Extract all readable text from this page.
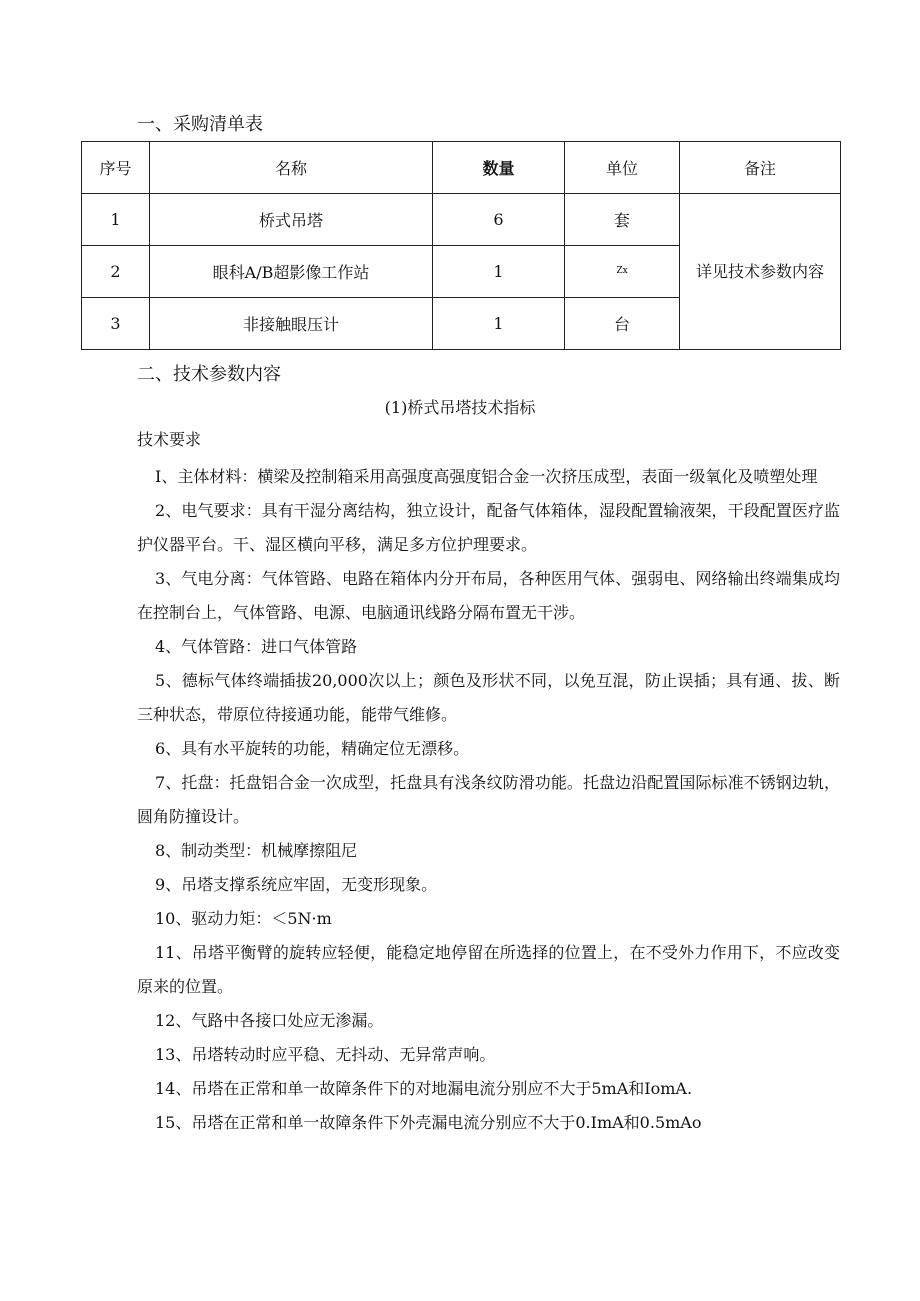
一、采购清单表
序号	名称	数量	单位	备注
1	桥式吊塔	6	套	详见技术参数内容
2	眼科A/B超影像工作站	1	$^{Zx}$
3	非接触眼压计	1	台	
二、技术参数内容
(1)桥式吊塔技术指标
技术要求

I、主体材料：横梁及控制箱采用高强度高强度铝合金一次挤压成型，表面一级氧化及喷塑处理

2、电气要求：具有干湿分离结构，独立设计，配备气体箱体，湿段配置输液架，干段配置医疗监护仪器平台。干、湿区横向平移，满足多方位护理要求。

3、气电分离：气体管路、电路在箱体内分开布局，各种医用气体、强弱电、网络输出终端集成均在控制台上，气体管路、电源、电脑通讯线路分隔布置无干涉。

4、气体管路：进口气体管路

5、德标气体终端插拔20,000次以上；颜色及形状不同，以免互混，防止误插；具有通、拔、断三种状态，带原位待接通功能，能带气维修。

6、具有水平旋转的功能，精确定位无漂移。

7、托盘：托盘铝合金一次成型，托盘具有浅条纹防滑功能。托盘边沿配置国际标准不锈钢边轨，圆角防撞设计。

8、制动类型：机械摩擦阻尼

9、吊塔支撑系统应牢固，无变形现象。

10、驱动力矩：＜5N·m

11、吊塔平衡臂的旋转应轻便，能稳定地停留在所选择的位置上，在不受外力作用下，不应改变原来的位置。

12、气路中各接口处应无渗漏。

13、吊塔转动时应平稳、无抖动、无异常声响。

14、吊塔在正常和单一故障条件下的对地漏电流分别应不大于5mA和IomA.

15、吊塔在正常和单一故障条件下外壳漏电流分别应不大于0.ImA和0.5mAo
